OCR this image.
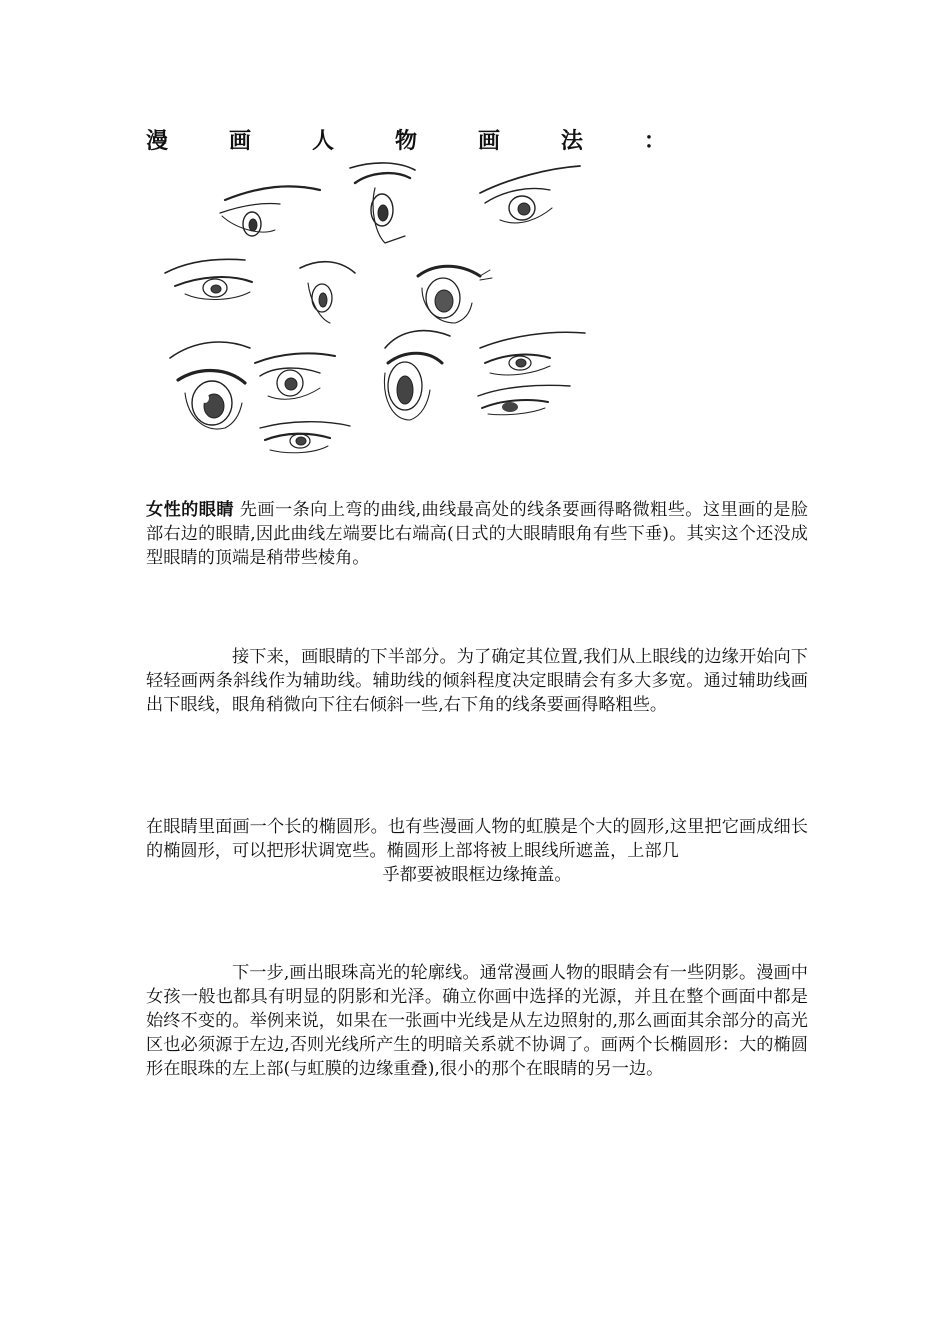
漫	画	人	物	画	法	：

女性的眼睛 先画一条向上弯的曲线,曲线最高处的线条要画得略微粗些。这里画的是脸部右边的眼睛,因此曲线左端要比右端高(日式的大眼睛眼角有些下垂)。其实这个还没成型眼睛的顶端是稍带些棱角。

接下来，画眼睛的下半部分。为了确定其位置,我们从上眼线的边缘开始向下轻轻画两条斜线作为辅助线。辅助线的倾斜程度决定眼睛会有多大多宽。通过辅助线画出下眼线，眼角稍微向下往右倾斜一些,右下角的线条要画得略粗些。

在眼睛里面画一个长的椭圆形。也有些漫画人物的虹膜是个大的圆形,这里把它画成细长的椭圆形，可以把形状调宽些。椭圆形上部将被上眼线所遮盖，上部几
乎都要被眼框边缘掩盖。

下一步,画出眼珠高光的轮廓线。通常漫画人物的眼睛会有一些阴影。漫画中女孩一般也都具有明显的阴影和光泽。确立你画中选择的光源，并且在整个画面中都是始终不变的。举例来说，如果在一张画中光线是从左边照射的,那么画面其余部分的高光区也必须源于左边,否则光线所产生的明暗关系就不协调了。画两个长椭圆形：大的椭圆形在眼珠的左上部(与虹膜的边缘重叠),很小的那个在眼睛的另一边。
